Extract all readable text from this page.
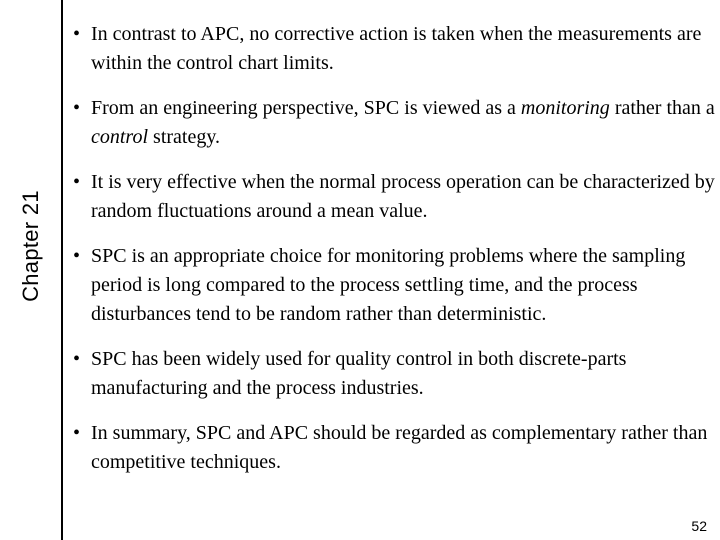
Chapter 21
• In contrast to APC, no corrective action is taken when the measurements are within the control chart limits.
• From an engineering perspective, SPC is viewed as a monitoring rather than a control strategy.
• It is very effective when the normal process operation can be characterized by random fluctuations around a mean value.
• SPC is an appropriate choice for monitoring problems where the sampling period is long compared to the process settling time, and the process disturbances tend to be random rather than deterministic.
• SPC has been widely used for quality control in both discrete-parts manufacturing and the process industries.
• In summary, SPC and APC should be regarded as complementary rather than competitive techniques.
52
